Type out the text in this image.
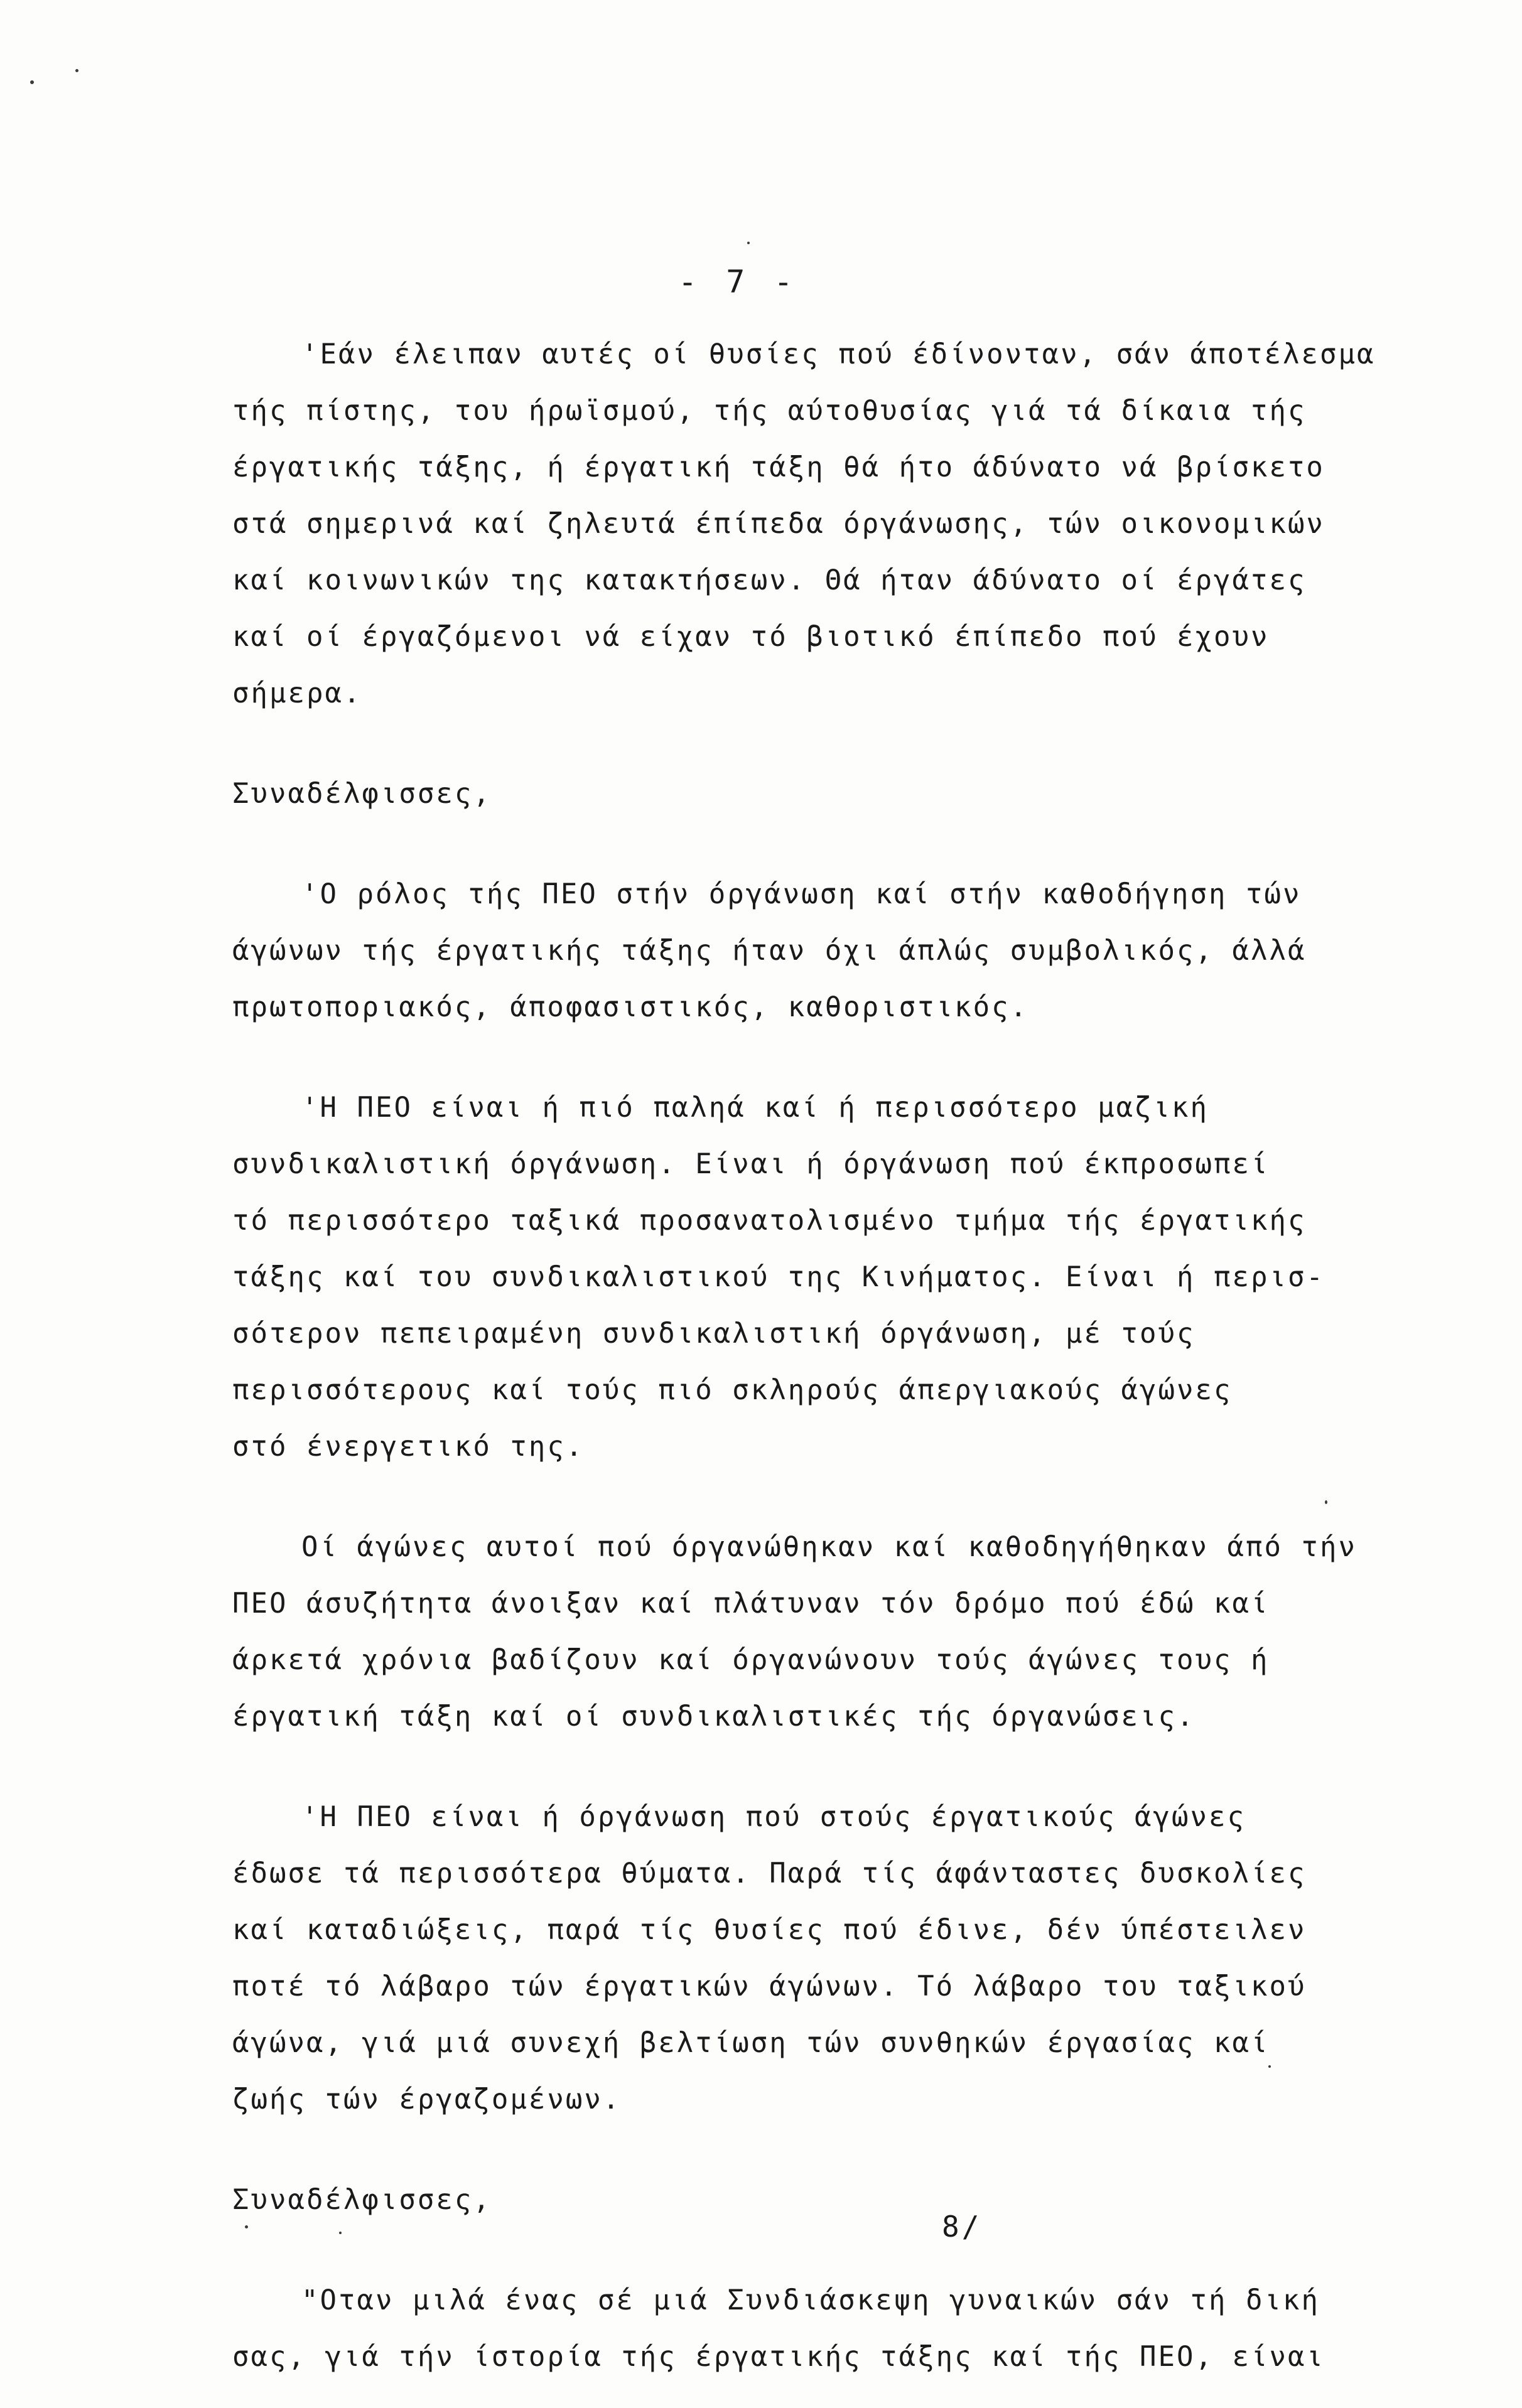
- 7 -
'Εάν έλειπαν αυτές οί θυσίες πού έδίνονταν, σάν άποτέλεσμα
τής πίστης, του ήρωϊσμού, τής αύτοθυσίας γιά τά δίκαια τής
έργατικής τάξης, ή έργατική τάξη θά ήτο άδύνατο νά βρίσκετο
στά σημερινά καί ζηλευτά έπίπεδα όργάνωσης, τών οικονομικών
καί κοινωνικών της κατακτήσεων. Θά ήταν άδύνατο οί έργάτες
καί οί έργαζόμενοι νά είχαν τό βιοτικό έπίπεδο πού έχουν
σήμερα.
Συναδέλφισσες,
'Ο ρόλος τής ΠΕΟ στήν όργάνωση καί στήν καθοδήγηση τών
άγώνων τής έργατικής τάξης ήταν όχι άπλώς συμβολικός, άλλά
πρωτοποριακός, άποφασιστικός, καθοριστικός.
'Η ΠΕΟ είναι ή πιό παληά καί ή περισσότερο μαζική
συνδικαλιστική όργάνωση. Είναι ή όργάνωση πού έκπροσωπεί
τό περισσότερο ταξικά προσανατολισμένο τμήμα τής έργατικής
τάξης καί του συνδικαλιστικού της Κινήματος. Είναι ή περισ-
σότερον πεπειραμένη συνδικαλιστική όργάνωση, μέ τούς
περισσότερους καί τούς πιό σκληρούς άπεργιακούς άγώνες
στό ένεργετικό της.
Οί άγώνες αυτοί πού όργανώθηκαν καί καθοδηγήθηκαν άπό τήν
ΠΕΟ άσυζήτητα άνοιξαν καί πλάτυναν τόν δρόμο πού έδώ καί
άρκετά χρόνια βαδίζουν καί όργανώνουν τούς άγώνες τους ή
έργατική τάξη καί οί συνδικαλιστικές τής όργανώσεις.
'Η ΠΕΟ είναι ή όργάνωση πού στούς έργατικούς άγώνες
έδωσε τά περισσότερα θύματα. Παρά τίς άφάνταστες δυσκολίες
καί καταδιώξεις, παρά τίς θυσίες πού έδινε, δέν ύπέστειλεν
ποτέ τό λάβαρο τών έργατικών άγώνων. Τό λάβαρο του ταξικού
άγώνα, γιά μιά συνεχή βελτίωση τών συνθηκών έργασίας καί
ζωής τών έργαζομένων.
Συναδέλφισσες,
"Οταν μιλά ένας σέ μιά Συνδιάσκεψη γυναικών σάν τή δική
σας, γιά τήν ίστορία τής έργατικής τάξης καί τής ΠΕΟ, είναι
8/
